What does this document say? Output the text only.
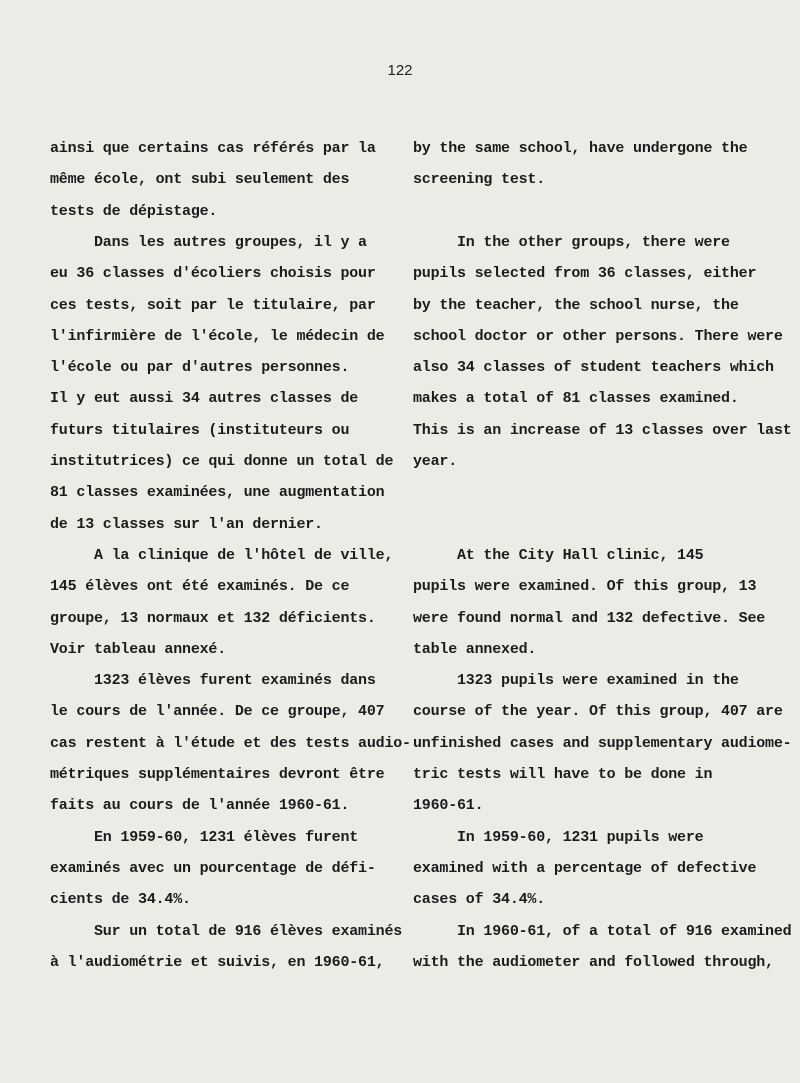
122
ainsi que certains cas référés par la by the same school, have undergone the
même école, ont subi seulement des	screening test.
tests de dépistage.
Dans les autres groupes, il y a	In the other groups, there were
eu 36 classes d'écoliers choisis pour pupils selected from 36 classes, either
ces tests, soit par le titulaire, par by the teacher, the school nurse, the
l'infirmière de l'école, le médecin de school doctor or other persons. There were
l'école ou par d'autres personnes.	also 34 classes of student teachers which
Il y eut aussi 34 autres classes de	makes a total of 81 classes examined.
futurs titulaires (instituteurs ou	This is an increase of 13 classes over last
institutrices) ce qui donne un total de year.
81 classes examinées, une augmentation
de 13 classes sur l'an dernier.
A la clinique de l'hôtel de ville, At the City Hall clinic, 145
145 élèves ont été examinés. De ce	pupils were examined. Of this group, 13
groupe, 13 normaux et 132 déficients. were found normal and 132 defective. See
Voir tableau annexé.	table annexed.
1323 élèves furent examinés dans 1323 pupils were examined in the
le cours de l'année. De ce groupe, 407 course of the year. Of this group, 407 are
cas restent à l'étude et des tests audio- unfinished cases and supplementary audiome-
métriques supplémentaires devront être tric tests will have to be done in
faits au cours de l'année 1960-61.	1960-61.
En 1959-60, 1231 élèves furent	In 1959-60, 1231 pupils were
examinés avec un pourcentage de défi- examined with a percentage of defective
cients de 34.4%.	cases of 34.4%.
Sur un total de 916 élèves examinés In 1960-61, of a total of 916 examined
à l'audiométrie et suivis, en 1960-61, with the audiometer and followed through,
